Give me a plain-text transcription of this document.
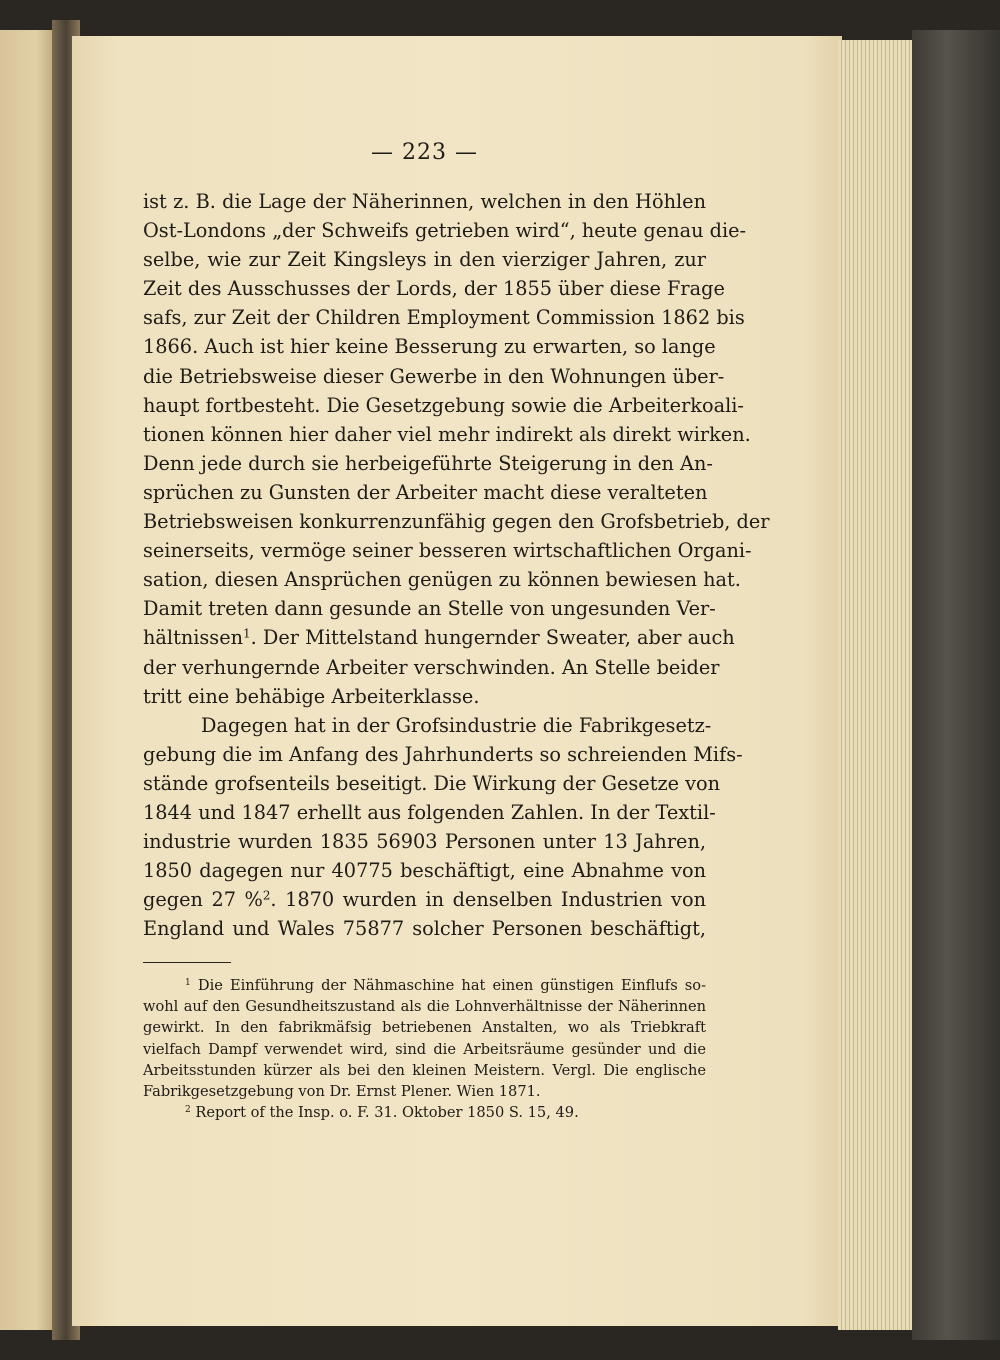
— 223 —
ist z. B. die Lage der Näherinnen, welchen in den Höhlen
Ost-Londons „der Schweifs getrieben wird“, heute genau die-
selbe, wie zur Zeit Kingsleys in den vierziger Jahren, zur
Zeit des Ausschusses der Lords, der 1855 über diese Frage
safs, zur Zeit der Children Employment Commission 1862 bis
1866. Auch ist hier keine Besserung zu erwarten, so lange
die Betriebsweise dieser Gewerbe in den Wohnungen über-
haupt fortbesteht. Die Gesetzgebung sowie die Arbeiterkoali-
tionen können hier daher viel mehr indirekt als direkt wirken.
Denn jede durch sie herbeigeführte Steigerung in den An-
sprüchen zu Gunsten der Arbeiter macht diese veralteten
Betriebsweisen konkurrenzunfähig gegen den Grofsbetrieb, der
seinerseits, vermöge seiner besseren wirtschaftlichen Organi-
sation, diesen Ansprüchen genügen zu können bewiesen hat.
Damit treten dann gesunde an Stelle von ungesunden Ver-
hältnissen$^1$. Der Mittelstand hungernder Sweater, aber auch
der verhungernde Arbeiter verschwinden. An Stelle beider
tritt eine behäbige Arbeiterklasse.
Dagegen hat in der Grofsindustrie die Fabrikgesetz-
gebung die im Anfang des Jahrhunderts so schreienden Mifs-
stände grofsenteils beseitigt. Die Wirkung der Gesetze von
1844 und 1847 erhellt aus folgenden Zahlen. In der Textil-
industrie wurden 1835 56903 Personen unter 13 Jahren,
1850 dagegen nur 40775 beschäftigt, eine Abnahme von
gegen 27 %$^2$. 1870 wurden in denselben Industrien von
England und Wales 75877 solcher Personen beschäftigt,
$^1$ Die Einführung der Nähmaschine hat einen günstigen Einflufs so-
wohl auf den Gesundheitszustand als die Lohnverhältnisse der Näherinnen
gewirkt. In den fabrikmäfsig betriebenen Anstalten, wo als Triebkraft
vielfach Dampf verwendet wird, sind die Arbeitsräume gesünder und die
Arbeitsstunden kürzer als bei den kleinen Meistern. Vergl. Die englische
Fabrikgesetzgebung von Dr. Ernst Plener. Wien 1871.
$^2$ Report of the Insp. o. F. 31. Oktober 1850 S. 15, 49.
